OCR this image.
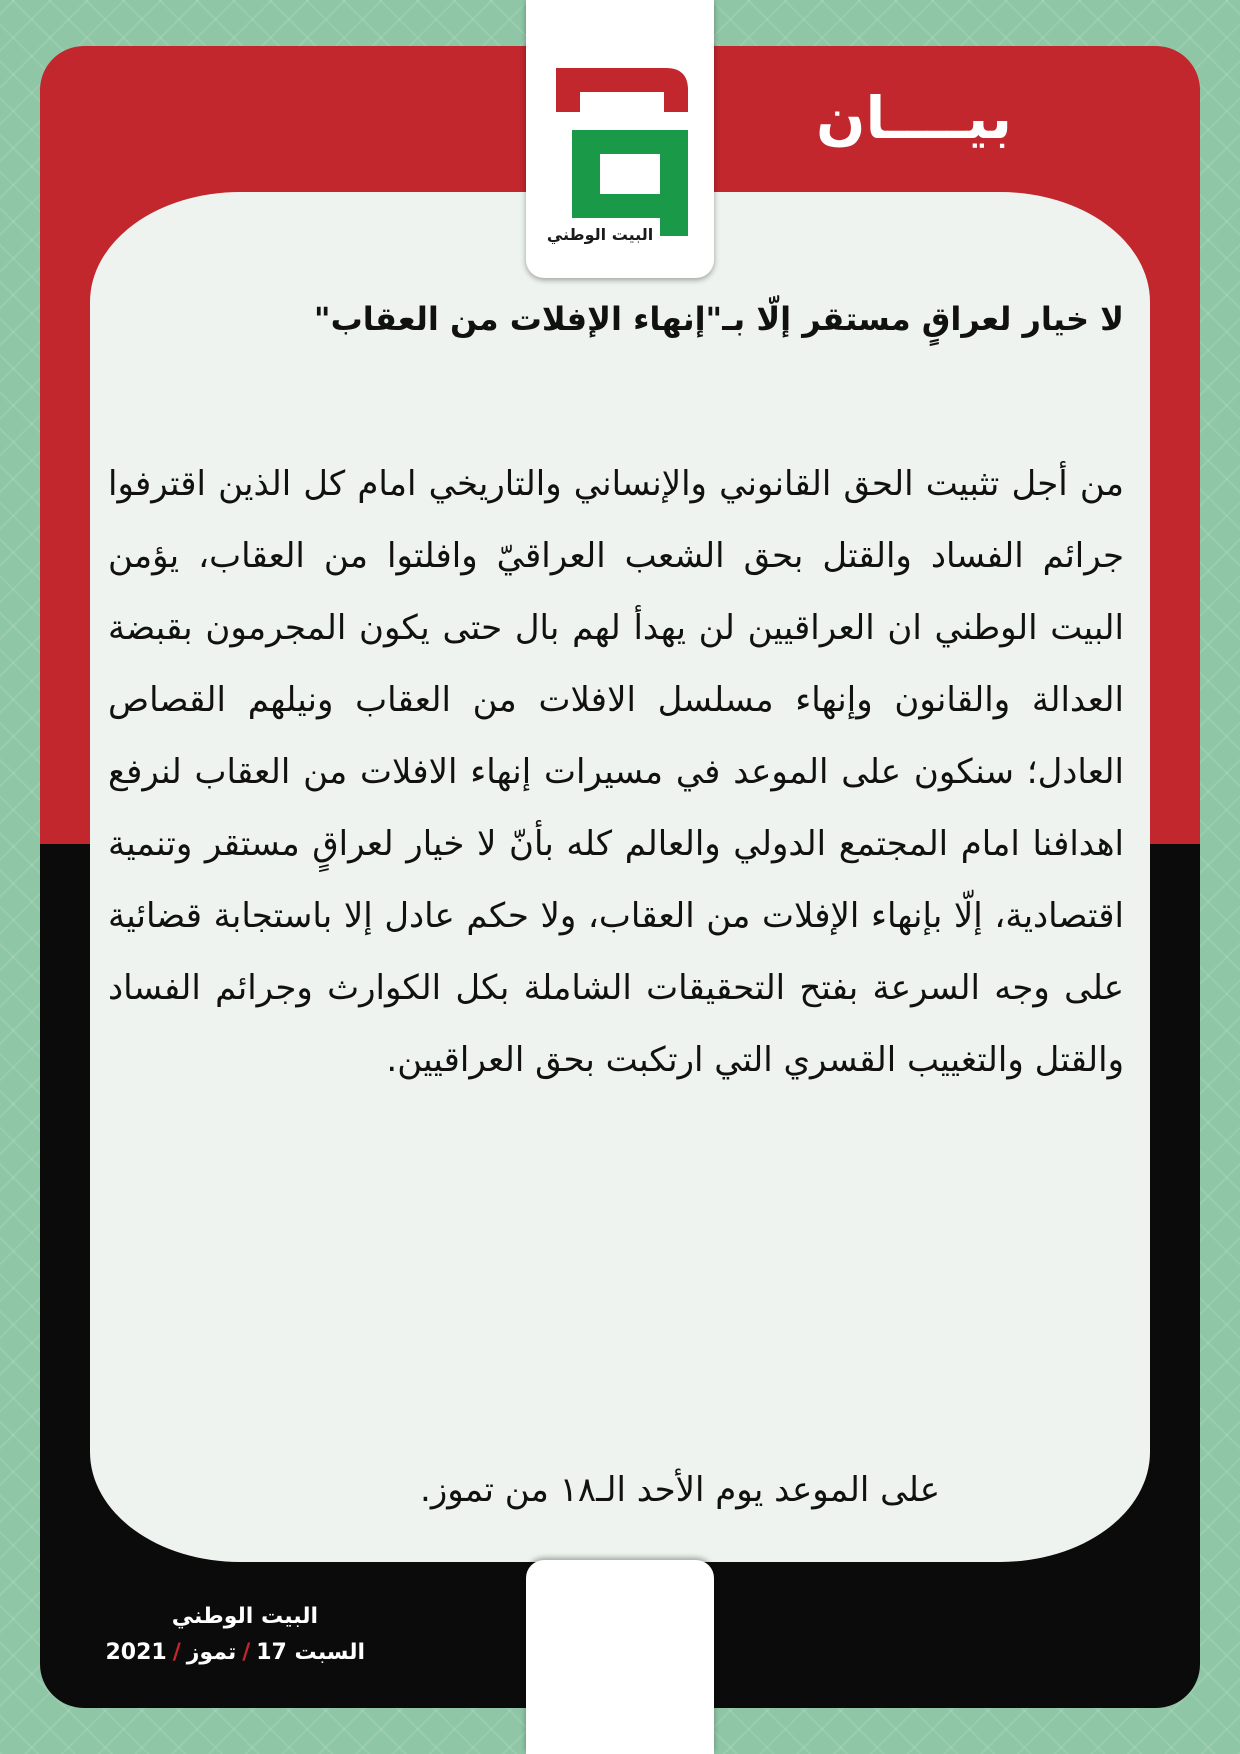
بيــــان
البيت الوطني
لا خيار لعراقٍ مستقر إلّا بـ"إنهاء الإفلات من العقاب"
من أجل تثبيت الحق القانوني والإنساني والتاريخي امام كل الذين اقترفوا جرائم الفساد والقتل بحق الشعب العراقيّ وافلتوا من العقاب، يؤمن البيت الوطني ان العراقيين لن يهدأ لهم بال حتى يكون المجرمون بقبضة العدالة والقانون وإنهاء مسلسل الافلات من العقاب ونيلهم القصاص العادل؛ سنكون على الموعد في مسيرات إنهاء الافلات من العقاب لنرفع اهدافنا امام المجتمع الدولي والعالم كله بأنّ لا خيار لعراقٍ مستقر وتنمية اقتصادية، إلّا بإنهاء الإفلات من العقاب، ولا حكم عادل إلا باستجابة قضائية على وجه السرعة بفتح التحقيقات الشاملة بكل الكوارث وجرائم الفساد والقتل والتغييب القسري التي ارتكبت بحق العراقيين.
على الموعد يوم الأحد الـ١٨ من تموز.
البيت الوطني
السبت 17/تموز/2021
